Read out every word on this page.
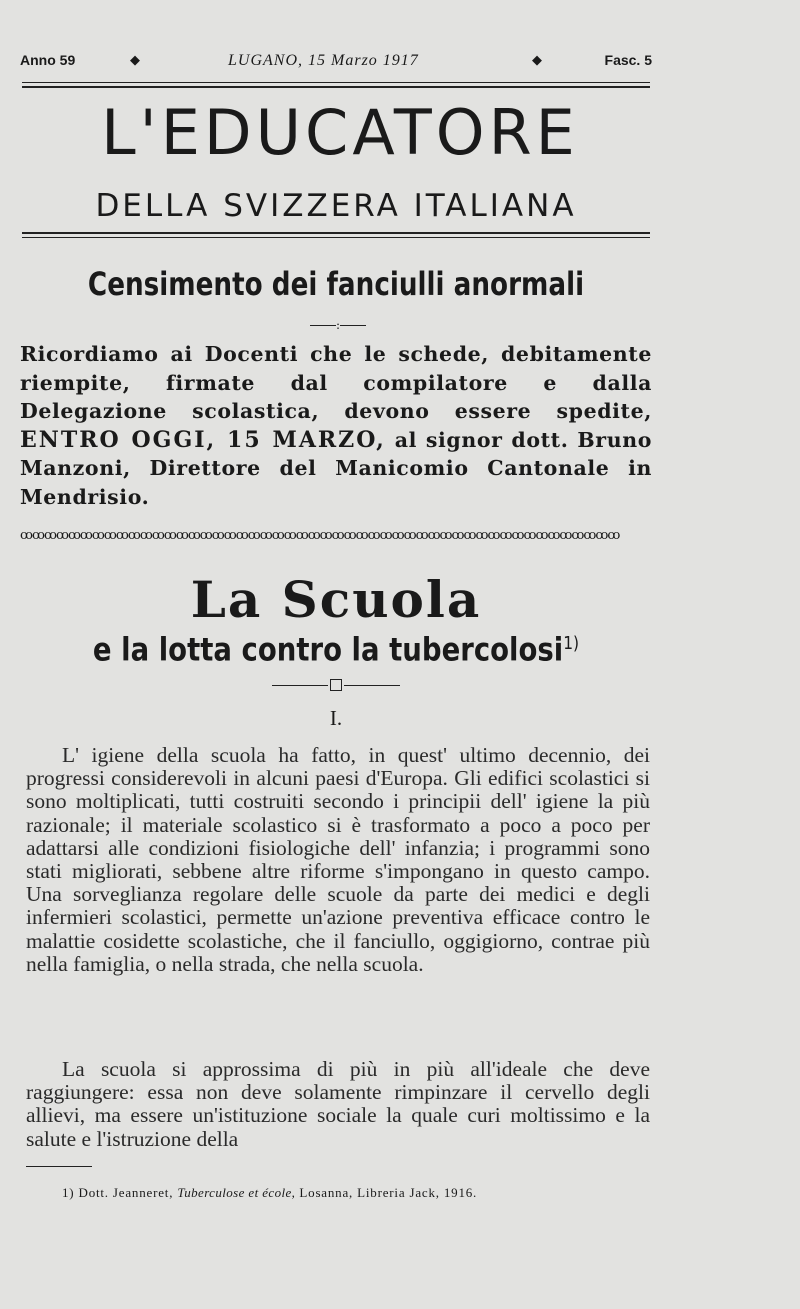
Anno 59	◆	LUGANO, 15 Marzo 1917	◆	Fasc. 5
L'EDUCATORE
DELLA SVIZZERA ITALIANA
Censimento dei fanciulli anormali
:
Ricordiamo ai Docenti che le schede, debitamente riempite, firmate dal compilatore e dalla Delegazione scolastica, devono essere spedite, ENTRO OGGI, 15 MARZO, al signor dott. Bruno Manzoni, Direttore del Manicomio Cantonale in Mendrisio.
ꝏꝏꝏꝏꝏꝏꝏꝏꝏꝏꝏꝏꝏꝏꝏꝏꝏꝏꝏꝏꝏꝏꝏꝏꝏꝏꝏꝏꝏꝏꝏꝏꝏꝏꝏꝏꝏꝏꝏꝏꝏꝏꝏꝏꝏꝏꝏꝏꝏꝏ
La Scuola
e la lotta contro la tubercolosi$^{1)}$
I.
L' igiene della scuola ha fatto, in quest' ultimo decennio, dei progressi considerevoli in alcuni paesi d'Europa. Gli edifici scolastici si sono moltiplicati, tutti costruiti secondo i principii dell' igiene la più razionale; il materiale scolastico si è trasformato a poco a poco per adattarsi alle condizioni fisiologiche dell' infanzia; i programmi sono stati migliorati, sebbene altre riforme s'impongano in questo campo. Una sorveglianza regolare delle scuole da parte dei medici e degli infermieri scolastici, permette un'azione preventiva efficace contro le malattie cosidette scolastiche, che il fanciullo, oggigiorno, contrae più nella famiglia, o nella strada, che nella scuola.
La scuola si approssima di più in più all'ideale che deve raggiungere: essa non deve solamente rimpinzare il cervello degli allievi, ma essere un'istituzione sociale la quale curi moltissimo e la salute e l'istruzione della
1) Dott. Jeanneret, Tuberculose et école, Losanna, Libreria Jack, 1916.
